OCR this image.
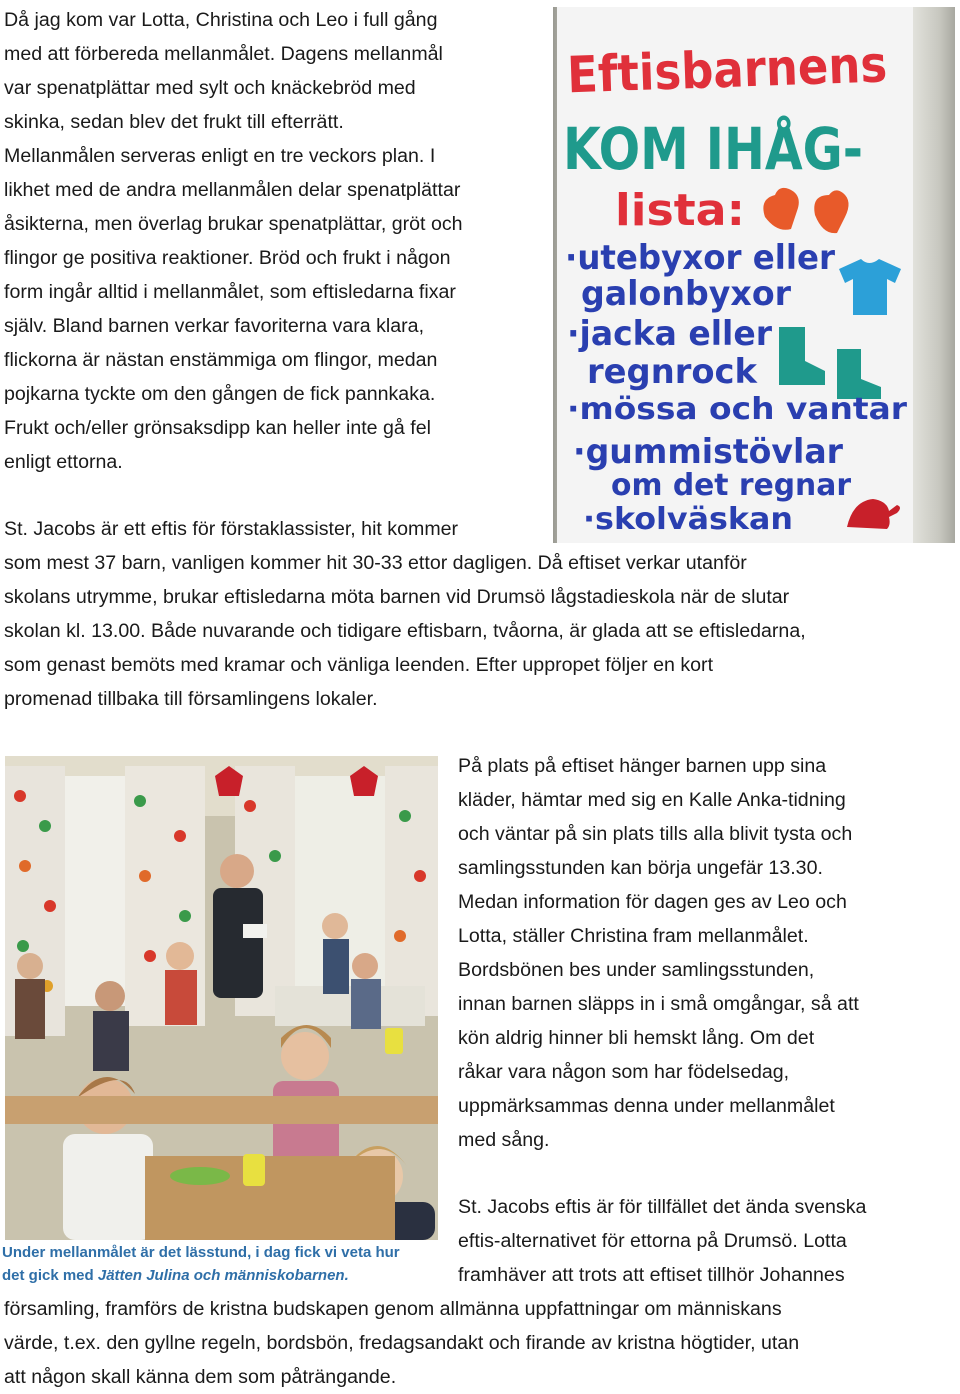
Då jag kom var Lotta, Christina och Leo i full gång
med att förbereda mellanmålet. Dagens mellanmål
var spenatplättar med sylt och knäckebröd med
skinka, sedan blev det frukt till efterrätt.
Mellanmålen serveras enligt en tre veckors plan. I
likhet med de andra mellanmålen delar spenatplättar
åsikterna, men överlag brukar spenatplättar, gröt och
flingor ge positiva reaktioner. Bröd och frukt i någon
form ingår alltid i mellanmålet, som eftisledarna fixar
själv. Bland barnen verkar favoriterna vara klara,
flickorna är nästan enstämmiga om flingor, medan
pojkarna tyckte om den gången de fick pannkaka.
Frukt och/eller grönsaksdipp kan heller inte gå fel
enligt ettorna.
Eftisbarnens
KOM IHÅG-
lista:
·utebyxor eller
galonbyxor
·jacka eller
regnrock
·mössa och vantar
·gummistövlar
om det regnar
·skolväskan
St. Jacobs är ett eftis för förstaklassister, hit kommer
som mest 37 barn, vanligen kommer hit 30-33 ettor dagligen. Då eftiset verkar utanför
skolans utrymme, brukar eftisledarna möta barnen vid Drumsö lågstadieskola när de slutar
skolan kl. 13.00. Både nuvarande och tidigare eftisbarn, tvåorna, är glada att se eftisledarna,
som genast bemöts med kramar och vänliga leenden. Efter uppropet följer en kort
promenad tillbaka till församlingens lokaler.
Under mellanmålet är det lässtund, i dag fick vi veta hur
det gick med Jätten Julina och människobarnen.
På plats på eftiset hänger barnen upp sina
kläder, hämtar med sig en Kalle Anka-tidning
och väntar på sin plats tills alla blivit tysta och
samlingsstunden kan börja ungefär 13.30.
Medan information för dagen ges av Leo och
Lotta, ställer Christina fram mellanmålet.
Bordsbönen bes under samlingsstunden,
innan barnen släpps in i små omgångar, så att
kön aldrig hinner bli hemskt lång. Om det
råkar vara någon som har födelsedag,
uppmärksammas denna under mellanmålet
med sång.
St. Jacobs eftis är för tillfället det ända svenska
eftis-alternativet för ettorna på Drumsö. Lotta
framhäver att trots att eftiset tillhör Johannes
församling, framförs de kristna budskapen genom allmänna uppfattningar om människans
värde, t.ex. den gyllne regeln, bordsbön, fredagsandakt och firande av kristna högtider, utan
att någon skall känna dem som påträngande.
